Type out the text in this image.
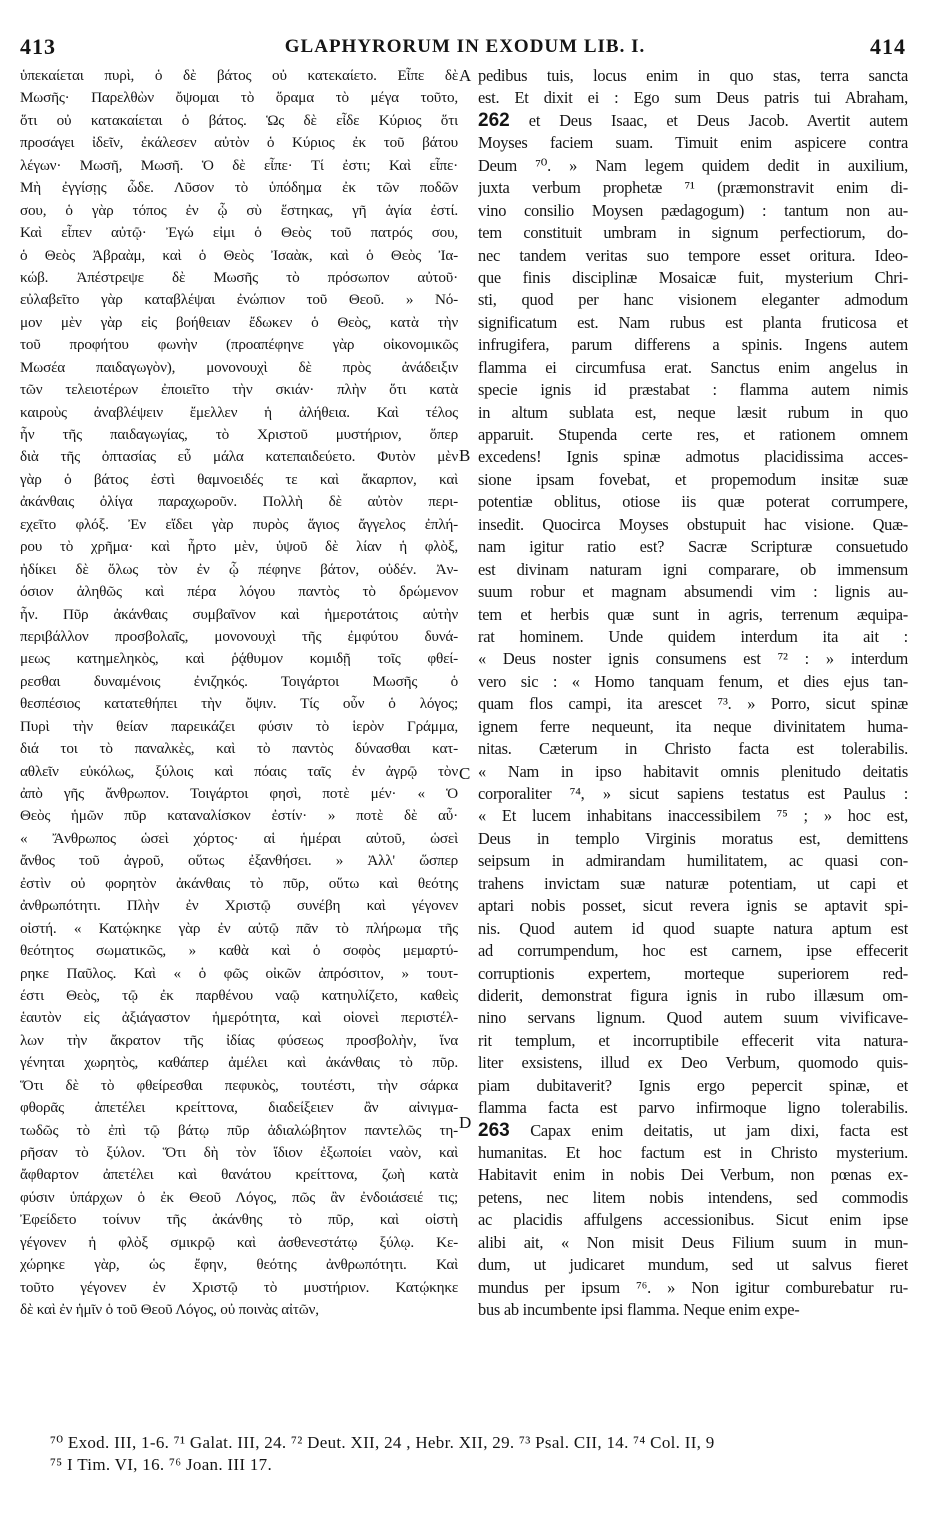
413	GLAPHYRORUM IN EXODUM LIB. I.	414
ὑπεκαίεται πυρὶ, ὁ δὲ βάτος οὐ κατεκαίετο. Εἶπε δὲ
Μωσῆς· Παρελθὼν ὄψομαι τὸ ὅραμα τὸ μέγα τοῦτο,
ὅτι οὐ κατακαίεται ὁ βάτος. Ὡς δὲ εἶδε Κύριος ὅτι
προσάγει ἰδεῖν, ἐκάλεσεν αὐτὸν ὁ Κύριος ἐκ τοῦ βάτου
λέγων· Μωσῆ, Μωσῆ. Ὁ δὲ εἶπε· Τί ἐστι; Καὶ εἶπε·
Μὴ ἐγγίσῃς ὧδε. Λῦσον τὸ ὑπόδημα ἐκ τῶν ποδῶν
σου, ὁ γὰρ τόπος ἐν ᾧ σὺ ἕστηκας, γῆ ἁγία ἐστί.
Καὶ εἶπεν αὐτῷ· Ἐγώ εἰμι ὁ Θεὸς τοῦ πατρός σου,
ὁ Θεὸς Ἀβραὰμ, καὶ ὁ Θεὸς Ἰσαὰκ, καὶ ὁ Θεὸς Ἰα-
κώβ. Ἀπέστρεψε δὲ Μωσῆς τὸ πρόσωπον αὐτοῦ·
εὐλαβεῖτο γὰρ καταβλέψαι ἐνώπιον τοῦ Θεοῦ. » Νό-
μον μὲν γὰρ εἰς βοήθειαν ἔδωκεν ὁ Θεὸς, κατὰ τὴν
τοῦ προφήτου φωνὴν (προαπέφηνε γὰρ οἰκονομικῶς
Μωσέα παιδαγωγὸν), μονονουχὶ δὲ πρὸς ἀνάδειξιν
τῶν τελειοτέρων ἐποιεῖτο τὴν σκιάν· πλὴν ὅτι κατὰ
καιροὺς ἀναβλέψειν ἔμελλεν ἡ ἀλήθεια. Καὶ τέλος
ἦν τῆς παιδαγωγίας, τὸ Χριστοῦ μυστήριον, ὅπερ
διὰ τῆς ὀπτασίας εὖ μάλα κατεπαιδεύετο. Φυτὸν μὲν
γὰρ ὁ βάτος ἐστὶ θαμνοειδές τε καὶ ἄκαρπον, καὶ
ἀκάνθαις ὀλίγα παραχωροῦν. Πολλὴ δὲ αὐτὸν περι-
εχεῖτο φλόξ. Ἐν εἴδει γὰρ πυρὸς ἅγιος ἄγγελος ἐπλή-
ρου τὸ χρῆμα· καὶ ἦρτο μὲν, ὑψοῦ δὲ λίαν ἡ φλὸξ,
ἠδίκει δὲ ὅλως τὸν ἐν ᾧ πέφηνε βάτον, οὐδέν. Ἀν-
όσιον ἀληθῶς καὶ πέρα λόγου παντὸς τὸ δρώμενον
ἦν. Πῦρ ἀκάνθαις συμβαῖνον καὶ ἡμεροτάτοις αὐτὴν
περιβάλλον προσβολαῖς, μονονουχὶ τῆς ἐμφύτου δυνά-
μεως κατημεληκὸς, καὶ ῥᾴθυμον κομιδῇ τοῖς φθεί-
ρεσθαι δυναμένοις ἐνιζηκός. Τοιγάρτοι Μωσῆς ὁ
θεσπέσιος κατατεθήπει τὴν ὄψιν. Τίς οὖν ὁ λόγος;
Πυρὶ τὴν θείαν παρεικάζει φύσιν τὸ ἱερὸν Γράμμα,
διά τοι τὸ παναλκὲς, καὶ τὸ παντὸς δύνασθαι κατ-
αθλεῖν εὐκόλως, ξύλοις καὶ πόαις ταῖς ἐν ἀγρῷ τὸν
ἀπὸ γῆς ἄνθρωπον. Τοιγάρτοι φησὶ, ποτὲ μέν· « Ὁ
Θεὸς ἡμῶν πῦρ καταναλίσκον ἐστίν· » ποτὲ δὲ αὖ·
« Ἄνθρωπος ὡσεὶ χόρτος· αἱ ἡμέραι αὐτοῦ, ὡσεὶ
ἄνθος τοῦ ἀγροῦ, οὕτως ἐξανθήσει. » Ἀλλ' ὥσπερ
ἐστὶν οὐ φορητὸν ἀκάνθαις τὸ πῦρ, οὕτω καὶ θεότης
ἀνθρωπότητι. Πλὴν ἐν Χριστῷ συνέβη καὶ γέγονεν
οἰστή. « Κατῴκηκε γὰρ ἐν αὐτῷ πᾶν τὸ πλήρωμα τῆς
θεότητος σωματικῶς, » καθὰ καὶ ὁ σοφὸς μεμαρτύ-
ρηκε Παῦλος. Καὶ « ὁ φῶς οἰκῶν ἀπρόσιτον, » τουτ-
έστι Θεὸς, τῷ ἐκ παρθένου ναῷ κατηυλίζετο, καθεὶς
ἑαυτὸν εἰς ἀξιάγαστον ἡμερότητα, καὶ οἱονεὶ περιστέλ-
λων τὴν ἄκρατον τῆς ἰδίας φύσεως προσβολὴν, ἵνα
γένηται χωρητὸς, καθάπερ ἀμέλει καὶ ἀκάνθαις τὸ πῦρ.
Ὅτι δὲ τὸ φθείρεσθαι πεφυκὸς, τουτέστι, τὴν σάρκα
φθορᾶς ἀπετέλει κρείττονα, διαδείξειεν ἂν αἰνιγμα-
τωδῶς τὸ ἐπὶ τῷ βάτῳ πῦρ ἀδιαλώβητον παντελῶς τη-
ρῆσαν τὸ ξύλον. Ὅτι δὴ τὸν ἴδιον ἐξωποίει ναὸν, καὶ
ἄφθαρτον ἀπετέλει καὶ θανάτου κρείττονα, ζωὴ κατὰ
φύσιν ὑπάρχων ὁ ἐκ Θεοῦ Λόγος, πῶς ἂν ἐνδοιάσειέ τις;
Ἐφείδετο τοίνυν τῆς ἀκάνθης τὸ πῦρ, καὶ οἰστὴ
γέγονεν ἡ φλὸξ σμικρῷ καὶ ἀσθενεστάτῳ ξύλῳ. Κε-
χώρηκε γὰρ, ὡς ἔφην, θεότης ἀνθρωπότητι. Καὶ
τοῦτο γέγονεν ἐν Χριστῷ τὸ μυστήριον. Κατῴκηκε
δὲ καὶ ἐν ἡμῖν ὁ τοῦ Θεοῦ Λόγος, οὐ ποινὰς αἰτῶν,
pedibus tuis, locus enim in quo stas, terra sancta
est. Et dixit ei : Ego sum Deus patris tui Abraham,
262 et Deus Isaac, et Deus Jacob. Avertit autem
Moyses faciem suam. Timuit enim aspicere contra
Deum ⁷⁰. » Nam legem quidem dedit in auxilium,
juxta verbum prophetæ ⁷¹ (præmonstravit enim di-
vino consilio Moysen pædagogum) : tantum non au-
tem constituit umbram in signum perfectiorum, do-
nec tandem veritas suo tempore esset oritura. Ideo-
que finis disciplinæ Mosaicæ fuit, mysterium Chri-
sti, quod per hanc visionem eleganter admodum
significatum est. Nam rubus est planta fruticosa et
infrugifera, parum differens a spinis. Ingens autem
flamma ei circumfusa erat. Sanctus enim angelus in
specie ignis id præstabat : flamma autem nimis
in altum sublata est, neque læsit rubum in quo
apparuit. Stupenda certe res, et rationem omnem
excedens! Ignis spinæ admotus placidissima acces-
sione ipsam fovebat, et propemodum insitæ suæ
potentiæ oblitus, otiose iis quæ poterat corrumpere,
insedit. Quocirca Moyses obstupuit hac visione. Quæ-
nam igitur ratio est? Sacræ Scripturæ consuetudo
est divinam naturam igni comparare, ob immensum
suum robur et magnam absumendi vim : lignis au-
tem et herbis quæ sunt in agris, terrenum æquipa-
rat hominem. Unde quidem interdum ita ait :
« Deus noster ignis consumens est ⁷² : » interdum
vero sic : « Homo tanquam fenum, et dies ejus tan-
quam flos campi, ita arescet ⁷³. » Porro, sicut spinæ
ignem ferre nequeunt, ita neque divinitatem huma-
nitas. Cæterum in Christo facta est tolerabilis.
« Nam in ipso habitavit omnis plenitudo deitatis
corporaliter ⁷⁴, » sicut sapiens testatus est Paulus :
« Et lucem inhabitans inaccessibilem ⁷⁵ ; » hoc est,
Deus in templo Virginis moratus est, demittens
seipsum in admirandam humilitatem, ac quasi con-
trahens invictam suæ naturæ potentiam, ut capi et
aptari nobis posset, sicut revera ignis se aptavit spi-
nis. Quod autem id quod suapte natura aptum est
ad corrumpendum, hoc est carnem, ipse effecerit
corruptionis expertem, morteque superiorem red-
diderit, demonstrat figura ignis in rubo illæsum om-
nino servans lignum. Quod autem suum vivificave-
rit templum, et incorruptibile effecerit vita natura-
liter exsistens, illud ex Deo Verbum, quomodo quis-
piam dubitaverit? Ignis ergo pepercit spinæ, et
flamma facta est parvo infirmoque ligno tolerabilis.
263 Capax enim deitatis, ut jam dixi, facta est
humanitas. Et hoc factum est in Christo mysterium.
Habitavit enim in nobis Dei Verbum, non pœnas ex-
petens, nec litem nobis intendens, sed commodis
ac placidis affulgens accessionibus. Sicut enim ipse
alibi ait, « Non misit Deus Filium suum in mun-
dum, ut judicaret mundum, sed ut salvus fieret
mundus per ipsum ⁷⁶. » Non igitur comburebatur ru-
bus ab incumbente ipsi flamma. Neque enim expe-
A
B
C
D
⁷⁰ Exod. III, 1-6. ⁷¹ Galat. III, 24. ⁷² Deut. XII, 24 , Hebr. XII, 29. ⁷³ Psal. CII, 14. ⁷⁴ Col. II, 9
⁷⁵ I Tim. VI, 16. ⁷⁶ Joan. III 17.
